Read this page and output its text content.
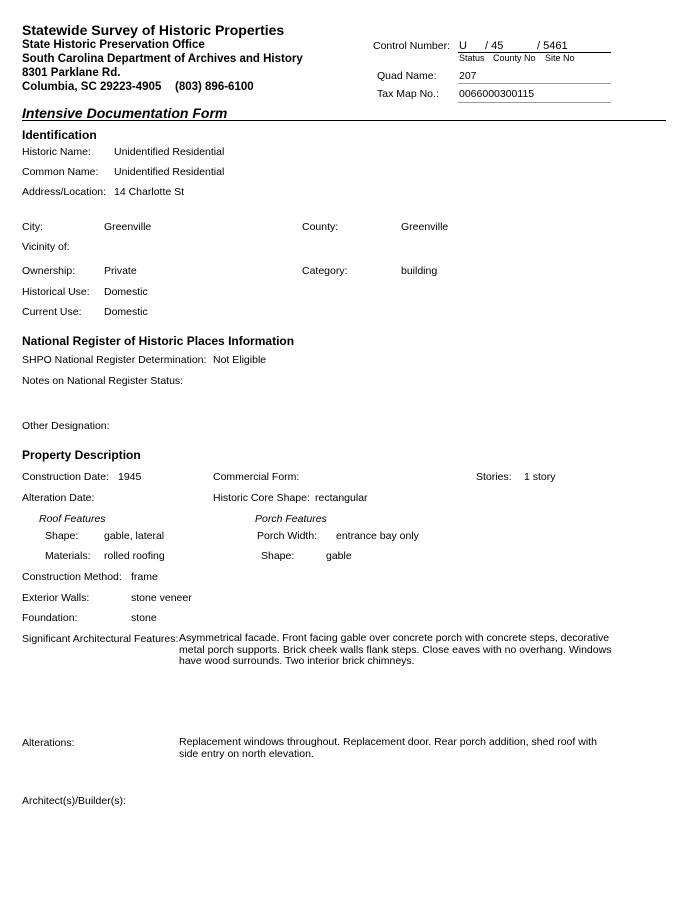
Statewide Survey of Historic Properties
State Historic Preservation Office
South Carolina Department of Archives and History
8301 Parklane Rd.
Columbia, SC 29223-4905 (803) 896-6100
Control Number: U / 45	/ 5461
Status County No Site No
Quad Name: 207
Tax Map No.: 0066000300115
Intensive Documentation Form
Identification
Historic Name: Unidentified Residential
Common Name: Unidentified Residential
Address/Location: 14 Charlotte St
City:	Greenville	County:	Greenville
Vicinity of:
Ownership:	Private	Category:	building
Historical Use: Domestic
Current Use: Domestic
National Register of Historic Places Information
SHPO National Register Determination: Not Eligible
Notes on National Register Status:
Other Designation:
Property Description
Construction Date: 1945	Commercial Form:	Stories: 1 story
Alteration Date:	Historic Core Shape: rectangular
Roof Features	Porch Features
Shape: gable, lateral	Porch Width: entrance bay only
Materials: rolled roofing	Shape:	gable
Construction Method: frame
Exterior Walls:	stone veneer
Foundation:	stone
Significant Architectural Features: Asymmetrical facade. Front facing gable over concrete porch with concrete steps, decorative metal porch supports. Brick cheek walls flank steps. Close eaves with no overhang. Windows have wood surrounds. Two interior brick chimneys.
Alterations:	Replacement windows throughout. Replacement door. Rear porch addition, shed roof with side entry on north elevation.
Architect(s)/Builder(s):
